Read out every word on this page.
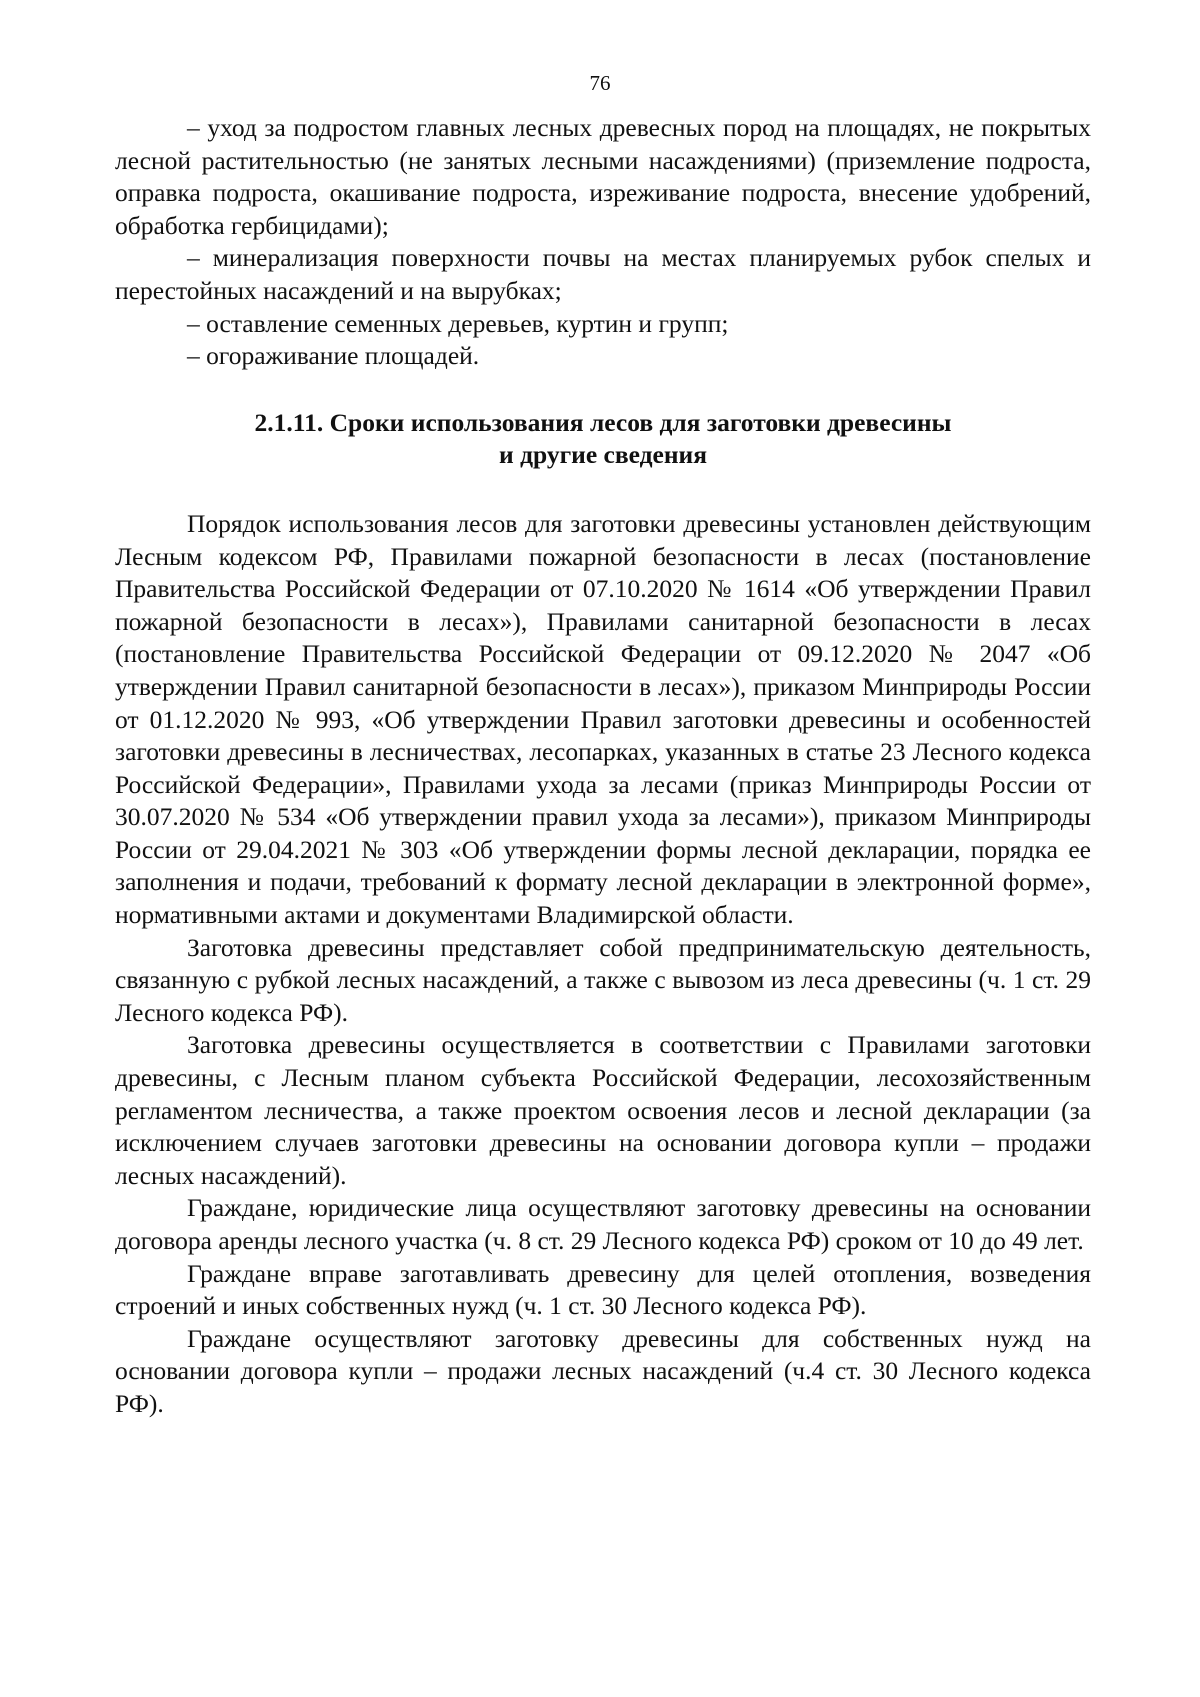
76

– уход за подростом главных лесных древесных пород на площадях, не покрытых лесной растительностью (не занятых лесными насаждениями) (приземление подроста, оправка подроста, окашивание подроста, изреживание подроста, внесение удобрений, обработка гербицидами);

– минерализация поверхности почвы на местах планируемых рубок спелых и перестойных насаждений и на вырубках;

– оставление семенных деревьев, куртин и групп;

– огораживание площадей.

2.1.11. Сроки использования лесов для заготовки древесины
и другие сведения

Порядок использования лесов для заготовки древесины установлен действующим Лесным кодексом РФ, Правилами пожарной безопасности в лесах (постановление Правительства Российской Федерации от 07.10.2020 № 1614 «Об утверждении Правил пожарной безопасности в лесах»), Правилами санитарной безопасности в лесах (постановление Правительства Российской Федерации от 09.12.2020 № 2047 «Об утверждении Правил санитарной безопасности в лесах»), приказом Минприроды России от 01.12.2020 № 993, «Об утверждении Правил заготовки древесины и особенностей заготовки древесины в лесничествах, лесопарках, указанных в статье 23 Лесного кодекса Российской Федерации», Правилами ухода за лесами (приказ Минприроды России от 30.07.2020 № 534 «Об утверждении правил ухода за лесами»), приказом Минприроды России от 29.04.2021 № 303 «Об утверждении формы лесной декларации, порядка ее заполнения и подачи, требований к формату лесной декларации в электронной форме», нормативными актами и документами Владимирской области.

Заготовка древесины представляет собой предпринимательскую деятельность, связанную с рубкой лесных насаждений, а также с вывозом из леса древесины (ч. 1 ст. 29 Лесного кодекса РФ).

Заготовка древесины осуществляется в соответствии с Правилами заготовки древесины, с Лесным планом субъекта Российской Федерации, лесохозяйственным регламентом лесничества, а также проектом освоения лесов и лесной декларации (за исключением случаев заготовки древесины на основании договора купли – продажи лесных насаждений).

Граждане, юридические лица осуществляют заготовку древесины на основании договора аренды лесного участка (ч. 8 ст. 29 Лесного кодекса РФ) сроком от 10 до 49 лет.

Граждане вправе заготавливать древесину для целей отопления, возведения строений и иных собственных нужд (ч. 1 ст. 30 Лесного кодекса РФ).

Граждане осуществляют заготовку древесины для собственных нужд на основании договора купли – продажи лесных насаждений (ч.4 ст. 30 Лесного кодекса РФ).
